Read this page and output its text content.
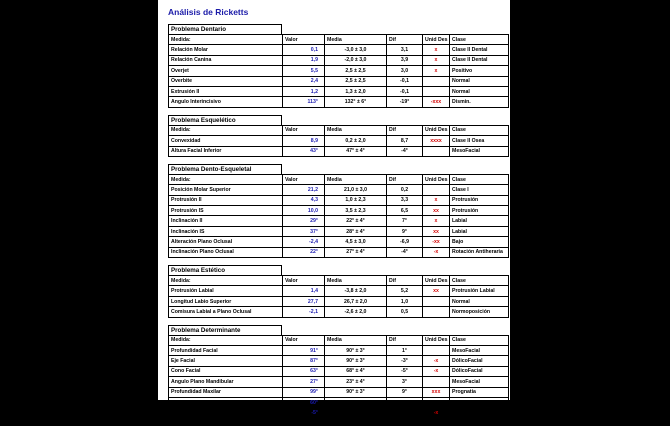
Análisis de Ricketts
Problema Dentario
Medida:	Valor	Media	Dif	Unid Des	Clase
Relación Molar	0,1	-3,0 ± 3,0	3,1	x	Clase II Dental
Relación Canina	1,9	-2,0 ± 3,0	3,9	x	Clase II Dental
Overjet	5,5	2,5 ± 2,5	3,0	x	Positivo
Overbite	2,4	2,5 ± 2,5	-0,1		Normal
Extrusión II	1,2	1,3 ± 2,0	-0,1		Normal
Angulo Interincisivo	113°	132° ± 6°	-19°	-xxx	Dismin.
Problema Esquelético
Medida:	Valor	Media	Dif	Unid Des	Clase
Convexidad	8,9	0,2 ± 2,0	8,7	xxxx	Clase II Osea
Altura Facial Inferior	43°	47° ± 4°	-4°		MesoFacial
Problema Dento-Esqueletal
Medida:	Valor	Media	Dif	Unid Des	Clase
Posición Molar Superior	21,2	21,0 ± 3,0	0,2		Clase I
Protrusión II	4,3	1,0 ± 2,3	3,3	x	Protrusión
Protrusión IS	10,0	3,5 ± 2,3	6,5	xx	Protrusión
Inclinación II	29°	22° ± 4°	7°	x	Labial
Inclinación IS	37°	28° ± 4°	9°	xx	Labial
Alteración Plano Oclusal	-2,4	4,5 ± 3,0	-6,9	-xx	Bajo
Inclinación Plano Oclusal	22°	27° ± 4°	-4°	-x	Rotación Antiheraria
Problema Estético
Medida:	Valor	Media	Dif	Unid Des	Clase
Protrusión Labial	1,4	-3,8 ± 2,0	5,2	xx	Protrusión Labial
Longitud Labio Superior	27,7	26,7 ± 2,0	1,0		Normal
Comisura Labial a Plano Oclusal	-2,1	-2,6 ± 2,0	0,5		Normoposición
Problema Determinante
Medida:	Valor	Media	Dif	Unid Des	Clase
Profundidad Facial	91°	90° ± 3°	1°		MesoFacial
Eje Facial	87°	90° ± 3°	-3°	-x	DólicoFacial
Cono Facial	63°	68° ± 4°	-5°	-x	DólicoFacial
Angulo Plano Mandibular	27°	23° ± 4°	3°		MesoFacial
Profundidad Maxilar	99°	90° ± 3°	9°	xxx	Prognatia
Altura Maxilar	60°	58° ± 3°	3°		Normal
Inclinación Plano Palatal	-5°	1° ± 4°	-6°	-x	Rotación Antiheraria
